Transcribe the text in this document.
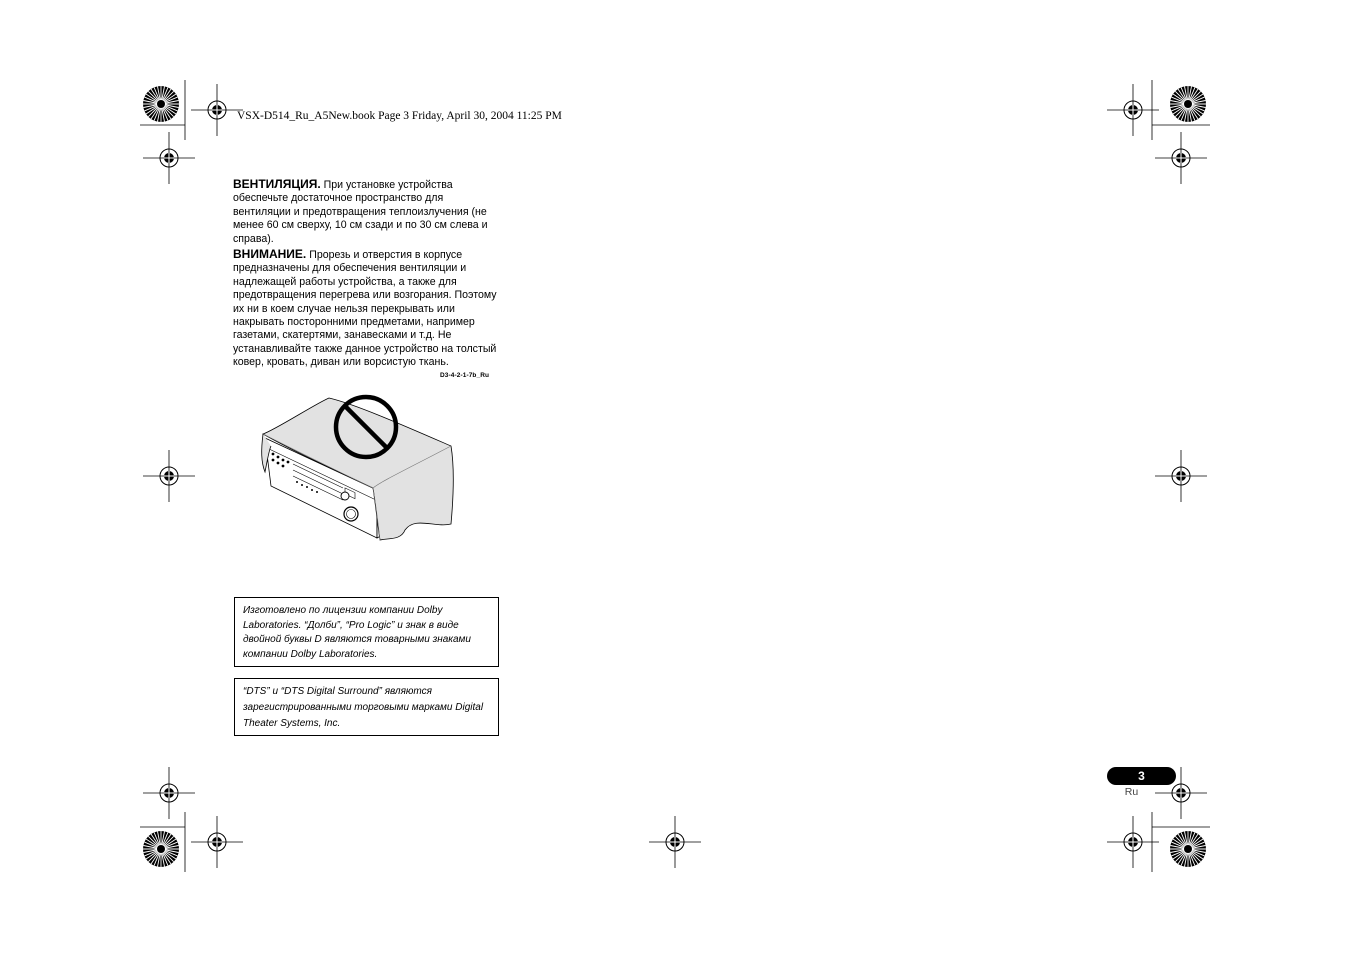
VSX-D514_Ru_A5New.book Page 3 Friday, April 30, 2004 11:25 PM
ВЕНТИЛЯЦИЯ. При установке устройства обеспечьте достаточное пространство для вентиляции и предотвращения теплоизлучения (не менее 60 см сверху, 10 см сзади и по 30 см слева и справа).
ВНИМАНИЕ. Прорезь и отверстия в корпусе предназначены для обеспечения вентиляции и надлежащей работы устройства, а также для предотвращения перегрева или возгорания. Поэтому их ни в коем случае нельзя перекрывать или накрывать посторонними предметами, например газетами, скатертями, занавесками и т.д. Не устанавливайте также данное устройство на толстый ковер, кровать, диван или ворсистую ткань.
D3-4-2-1-7b_Ru
Изготовлено по лицензии компании Dolby Laboratories. “Долби”, “Pro Logic” и знак в виде двойной буквы D являются товарными знаками компании Dolby Laboratories.
“DTS” и “DTS Digital Surround” являются зарегистрированными торговыми марками Digital Theater Systems, Inc.
3
Ru
